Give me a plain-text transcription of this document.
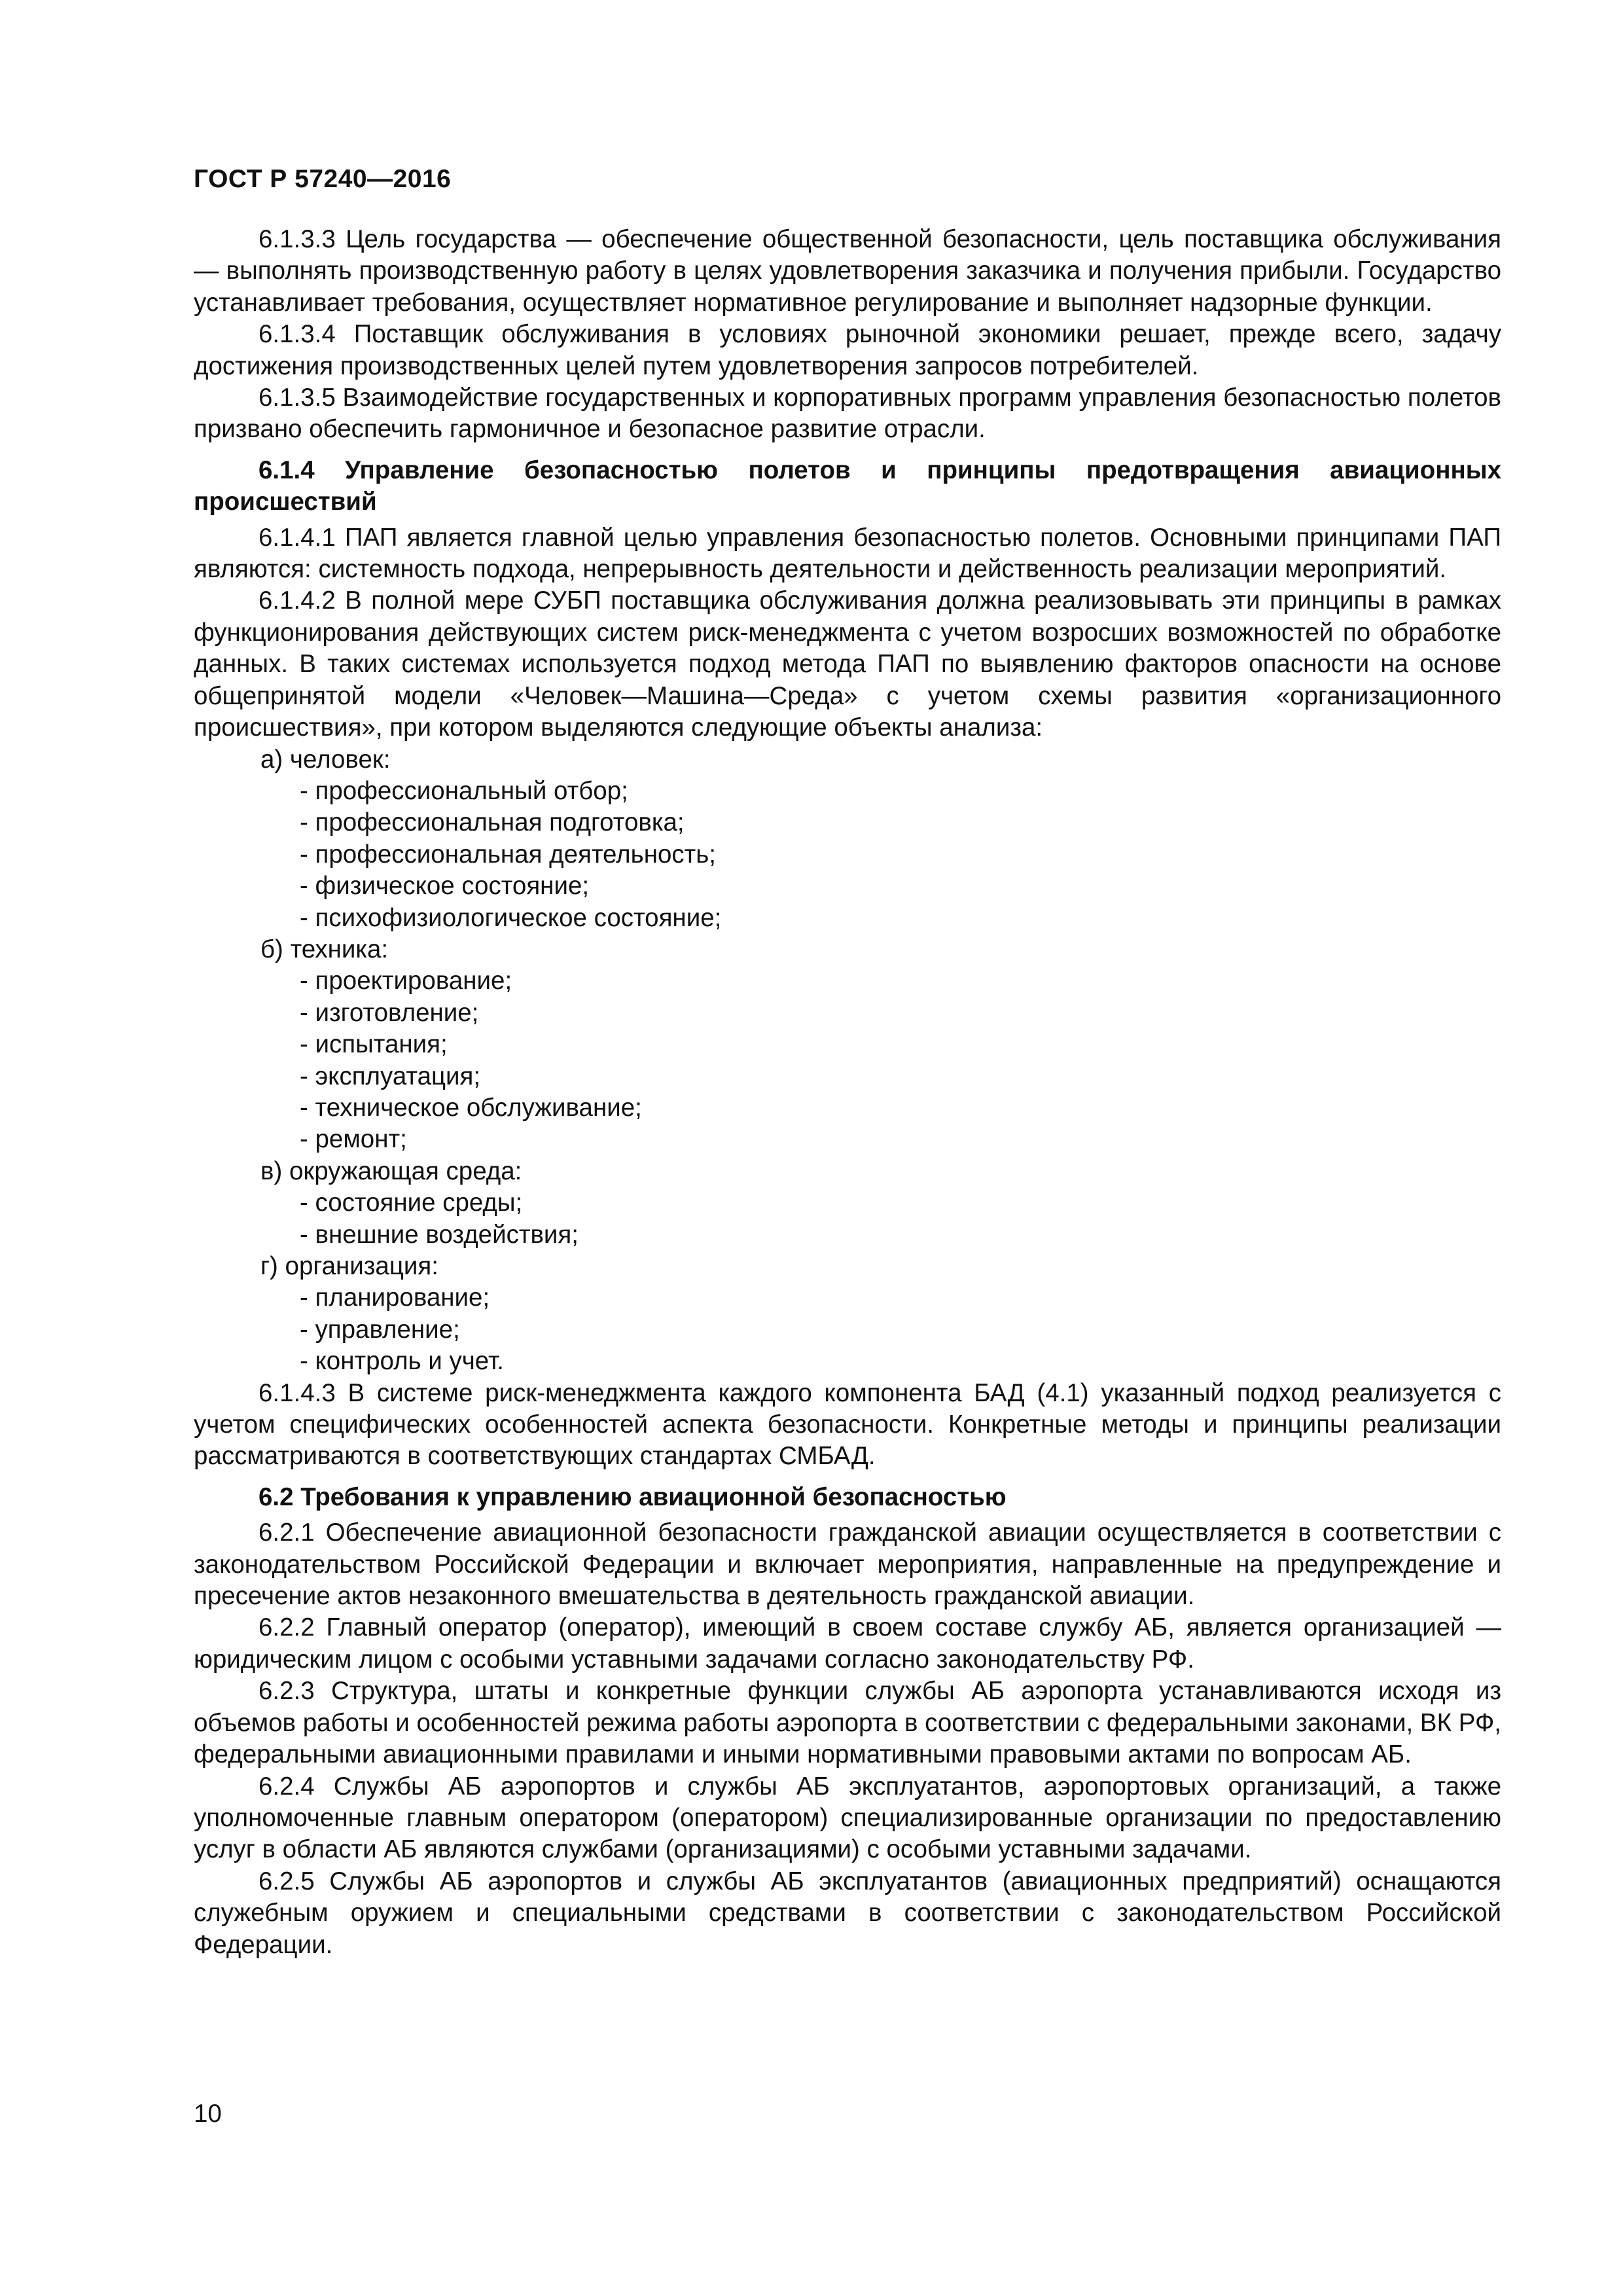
ГОСТ Р 57240—2016

6.1.3.3 Цель государства — обеспечение общественной безопасности, цель поставщика обслуживания — выполнять производственную работу в целях удовлетворения заказчика и получения прибыли. Государство устанавливает требования, осуществляет нормативное регулирование и выполняет надзорные функции.

6.1.3.4 Поставщик обслуживания в условиях рыночной экономики решает, прежде всего, задачу достижения производственных целей путем удовлетворения запросов потребителей.

6.1.3.5 Взаимодействие государственных и корпоративных программ управления безопасностью полетов призвано обеспечить гармоничное и безопасное развитие отрасли.

6.1.4 Управление безопасностью полетов и принципы предотвращения авиационных происшествий

6.1.4.1 ПАП является главной целью управления безопасностью полетов. Основными принципами ПАП являются: системность подхода, непрерывность деятельности и действенность реализации мероприятий.

6.1.4.2 В полной мере СУБП поставщика обслуживания должна реализовывать эти принципы в рамках функционирования действующих систем риск-менеджмента с учетом возросших возможностей по обработке данных. В таких системах используется подход метода ПАП по выявлению факторов опасности на основе общепринятой модели «Человек—Машина—Среда» с учетом схемы развития «организационного происшествия», при котором выделяются следующие объекты анализа:

а) человек:

- профессиональный отбор;

- профессиональная подготовка;

- профессиональная деятельность;

- физическое состояние;

- психофизиологическое состояние;

б) техника:

- проектирование;

- изготовление;

- испытания;

- эксплуатация;

- техническое обслуживание;

- ремонт;

в) окружающая среда:

- состояние среды;

- внешние воздействия;

г) организация:

- планирование;

- управление;

- контроль и учет.

6.1.4.3 В системе риск-менеджмента каждого компонента БАД (4.1) указанный подход реализуется с учетом специфических особенностей аспекта безопасности. Конкретные методы и принципы реализации рассматриваются в соответствующих стандартах СМБАД.

6.2 Требования к управлению авиационной безопасностью

6.2.1 Обеспечение авиационной безопасности гражданской авиации осуществляется в соответствии с законодательством Российской Федерации и включает мероприятия, направленные на предупреждение и пресечение актов незаконного вмешательства в деятельность гражданской авиации.

6.2.2 Главный оператор (оператор), имеющий в своем составе службу АБ, является организацией — юридическим лицом с особыми уставными задачами согласно законодательству РФ.

6.2.3 Структура, штаты и конкретные функции службы АБ аэропорта устанавливаются исходя из объемов работы и особенностей режима работы аэропорта в соответствии с федеральными законами, ВК РФ, федеральными авиационными правилами и иными нормативными правовыми актами по вопросам АБ.

6.2.4 Службы АБ аэропортов и службы АБ эксплуатантов, аэропортовых организаций, а также уполномоченные главным оператором (оператором) специализированные организации по предоставлению услуг в области АБ являются службами (организациями) с особыми уставными задачами.

6.2.5 Службы АБ аэропортов и службы АБ эксплуатантов (авиационных предприятий) оснащаются служебным оружием и специальными средствами в соответствии с законодательством Российской Федерации.

10
